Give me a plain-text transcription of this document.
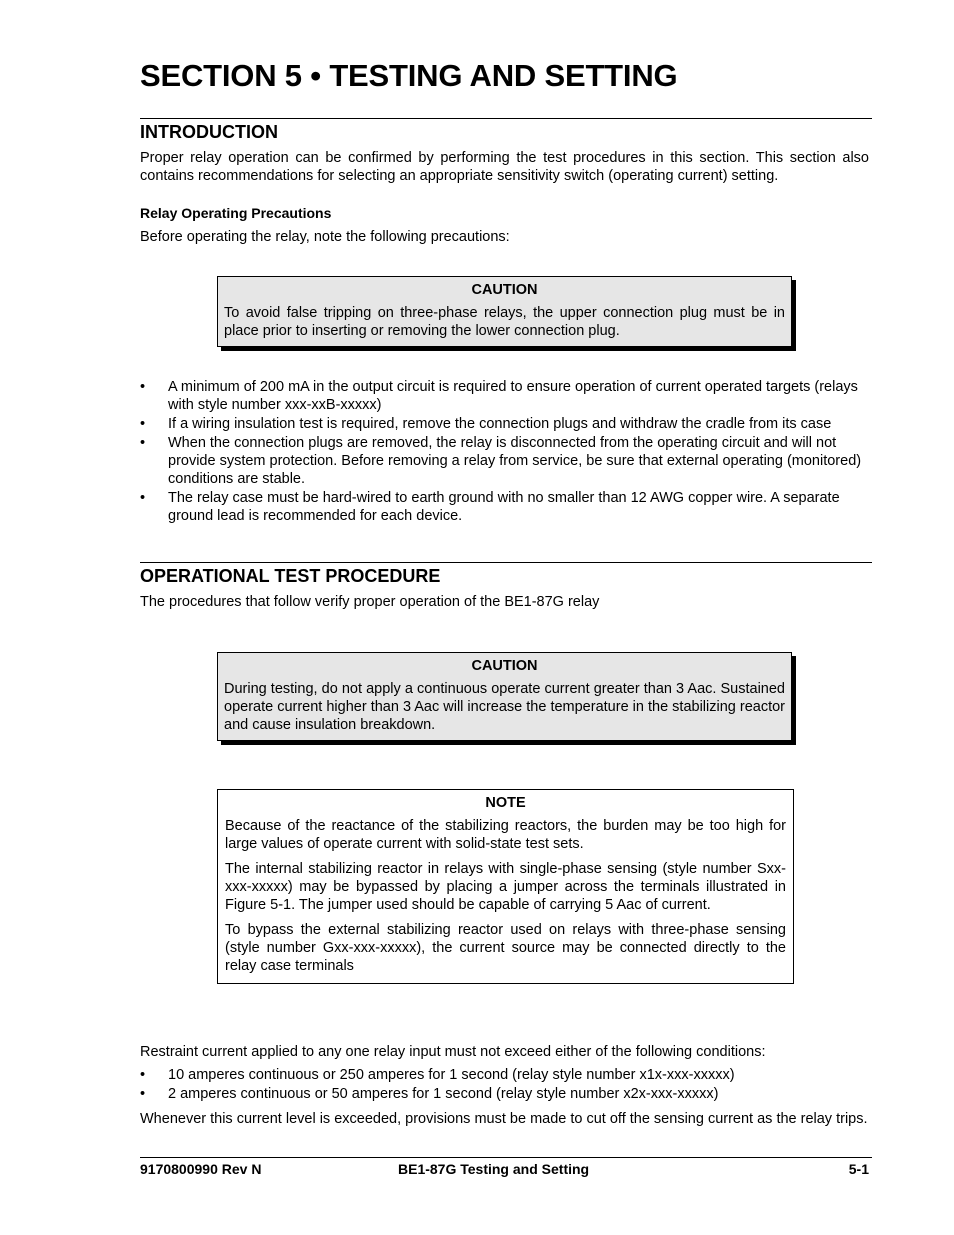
SECTION 5 • TESTING AND SETTING
INTRODUCTION

Proper relay operation can be confirmed by performing the test procedures in this section. This section also contains recommendations for selecting an appropriate sensitivity switch (operating current) setting.

Relay Operating Precautions

Before operating the relay, note the following precautions:

CAUTION

To avoid false tripping on three-phase relays, the upper connection plug must be in place prior to inserting or removing the lower connection plug.

• A minimum of 200 mA in the output circuit is required to ensure operation of current operated targets (relays with style number xxx-xxB-xxxxx)
• If a wiring insulation test is required, remove the connection plugs and withdraw the cradle from its case
• When the connection plugs are removed, the relay is disconnected from the operating circuit and will not provide system protection. Before removing a relay from service, be sure that external operating (monitored) conditions are stable.
• The relay case must be hard-wired to earth ground with no smaller than 12 AWG copper wire. A separate ground lead is recommended for each device.
OPERATIONAL TEST PROCEDURE

The procedures that follow verify proper operation of the BE1-87G relay

CAUTION

During testing, do not apply a continuous operate current greater than 3 Aac. Sustained operate current higher than 3 Aac will increase the temperature in the stabilizing reactor and cause insulation breakdown.

NOTE

Because of the reactance of the stabilizing reactors, the burden may be too high for large values of operate current with solid-state test sets.

The internal stabilizing reactor in relays with single-phase sensing (style number Sxx-xxx-xxxxx) may be bypassed by placing a jumper across the terminals illustrated in Figure 5-1. The jumper used should be capable of carrying 5 Aac of current.

To bypass the external stabilizing reactor used on relays with three-phase sensing (style number Gxx-xxx-xxxxx), the current source may be connected directly to the relay case terminals

Restraint current applied to any one relay input must not exceed either of the following conditions:

• 10 amperes continuous or 250 amperes for 1 second (relay style number x1x-xxx-xxxxx)
• 2 amperes continuous or 50 amperes for 1 second (relay style number x2x-xxx-xxxxx)

Whenever this current level is exceeded, provisions must be made to cut off the sensing current as the relay trips.

9170800990 Rev N	BE1-87G Testing and Setting	5-1
